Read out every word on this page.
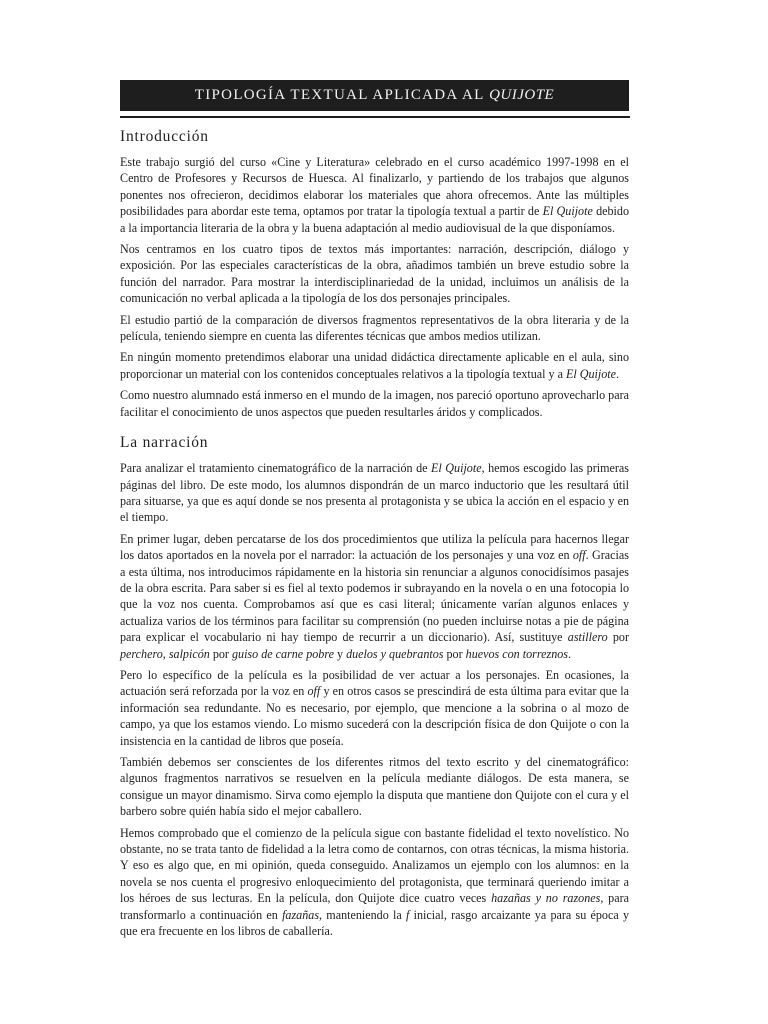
TIPOLOGÍA TEXTUAL APLICADA AL QUIJOTE
Introducción

Este trabajo surgió del curso «Cine y Literatura» celebrado en el curso académico 1997-1998 en el Centro de Profesores y Recursos de Huesca. Al finalizarlo, y partiendo de los trabajos que algunos ponentes nos ofrecieron, decidimos elaborar los materiales que ahora ofrecemos. Ante las múltiples posibilidades para abordar este tema, optamos por tratar la tipología textual a partir de El Quijote debido a la importancia literaria de la obra y la buena adaptación al medio audiovisual de la que disponíamos.

Nos centramos en los cuatro tipos de textos más importantes: narración, descripción, diálogo y exposición. Por las especiales características de la obra, añadimos también un breve estudio sobre la función del narrador. Para mostrar la interdisciplinariedad de la unidad, incluimos un análisis de la comunicación no verbal aplicada a la tipología de los dos personajes principales.

El estudio partió de la comparación de diversos fragmentos representativos de la obra literaria y de la película, teniendo siempre en cuenta las diferentes técnicas que ambos medios utilizan.

En ningún momento pretendimos elaborar una unidad didáctica directamente aplicable en el aula, sino proporcionar un material con los contenidos conceptuales relativos a la tipología textual y a El Quijote.

Como nuestro alumnado está inmerso en el mundo de la imagen, nos pareció oportuno aprovecharlo para facilitar el conocimiento de unos aspectos que pueden resultarles áridos y complicados.

La narración

Para analizar el tratamiento cinematográfico de la narración de El Quijote, hemos escogido las primeras páginas del libro. De este modo, los alumnos dispondrán de un marco inductorio que les resultará útil para situarse, ya que es aquí donde se nos presenta al protagonista y se ubica la acción en el espacio y en el tiempo.

En primer lugar, deben percatarse de los dos procedimientos que utiliza la película para hacernos llegar los datos aportados en la novela por el narrador: la actuación de los personajes y una voz en off. Gracias a esta última, nos introducimos rápidamente en la historia sin renunciar a algunos conocidísimos pasajes de la obra escrita. Para saber si es fiel al texto podemos ir subrayando en la novela o en una fotocopia lo que la voz nos cuenta. Comprobamos así que es casi literal; únicamente varían algunos enlaces y actualiza varios de los términos para facilitar su comprensión (no pueden incluirse notas a pie de página para explicar el vocabulario ni hay tiempo de recurrir a un diccionario). Así, sustituye astillero por perchero, salpicón por guiso de carne pobre y duelos y quebrantos por huevos con torreznos.

Pero lo específico de la película es la posibilidad de ver actuar a los personajes. En ocasiones, la actuación será reforzada por la voz en off y en otros casos se prescindirá de esta última para evitar que la información sea redundante. No es necesario, por ejemplo, que mencione a la sobrina o al mozo de campo, ya que los estamos viendo. Lo mismo sucederá con la descripción física de don Quijote o con la insistencia en la cantidad de libros que poseía.

También debemos ser conscientes de los diferentes ritmos del texto escrito y del cinematográfico: algunos fragmentos narrativos se resuelven en la película mediante diálogos. De esta manera, se consigue un mayor dinamismo. Sirva como ejemplo la disputa que mantiene don Quijote con el cura y el barbero sobre quién había sido el mejor caballero.

Hemos comprobado que el comienzo de la película sigue con bastante fidelidad el texto novelístico. No obstante, no se trata tanto de fidelidad a la letra como de contarnos, con otras técnicas, la misma historia. Y eso es algo que, en mi opinión, queda conseguido. Analizamos un ejemplo con los alumnos: en la novela se nos cuenta el progresivo enloquecimiento del protagonista, que terminará queriendo imitar a los héroes de sus lecturas. En la película, don Quijote dice cuatro veces hazañas y no razones, para transformarlo a continuación en fazañas, manteniendo la f inicial, rasgo arcaizante ya para su época y que era frecuente en los libros de caballería.
